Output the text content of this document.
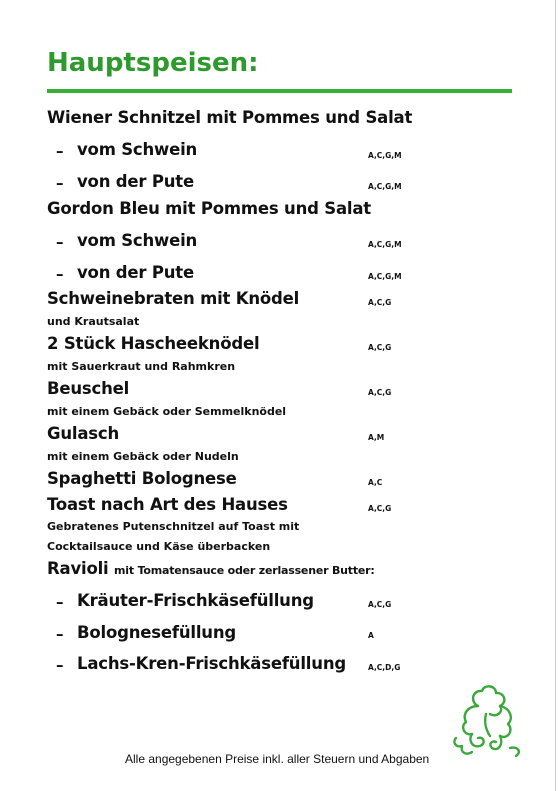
Hauptspeisen:
Wiener Schnitzel mit Pommes und Salat
– vom Schwein	A,C,G,M
– von der Pute	A,C,G,M
Gordon Bleu mit Pommes und Salat
– vom Schwein	A,C,G,M
– von der Pute	A,C,G,M
Schweinebraten mit Knödel	A,C,G
und Krautsalat
2 Stück Hascheeknödel	A,C,G
mit Sauerkraut und Rahmkren
Beuschel	A,C,G
mit einem Gebäck oder Semmelknödel
Gulasch	A,M
mit einem Gebäck oder Nudeln
Spaghetti Bolognese	A,C
Toast nach Art des Hauses	A,C,G
Gebratenes Putenschnitzel auf Toast mit
Cocktailsauce und Käse überbacken
Ravioli mit Tomatensauce oder zerlassener Butter:
– Kräuter-Frischkäsefüllung	A,C,G
– Bolognesefüllung	A
– Lachs-Kren-Frischkäsefüllung	A,C,D,G
Alle angegebenen Preise inkl. aller Steuern und Abgaben
